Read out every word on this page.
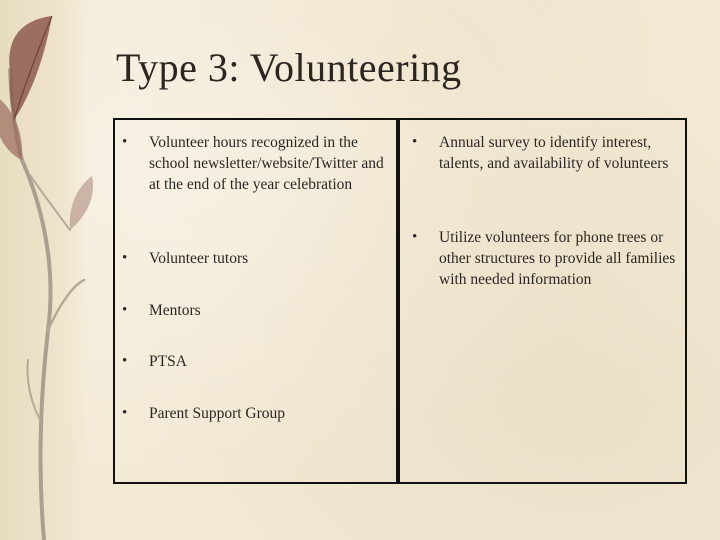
Type 3: Volunteering
• Volunteer hours recognized in the school newsletter/website/Twitter and at the end of the year celebration
• Volunteer tutors
• Mentors
• PTSA
• Parent Support Group
• Annual survey to identify interest, talents, and availability of volunteers
• Utilize volunteers for phone trees or other structures to provide all families with needed information
